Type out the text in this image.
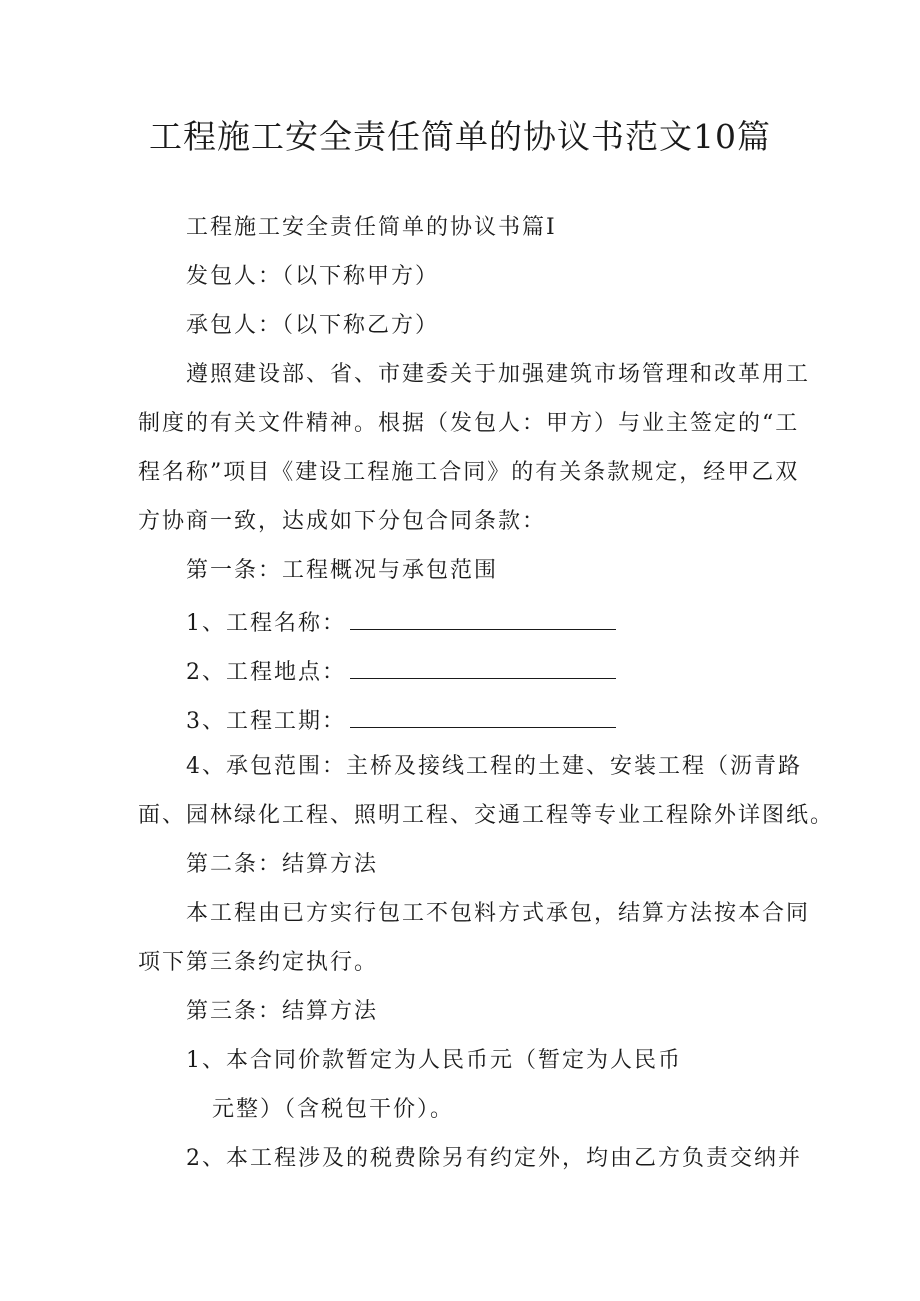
工程施工安全责任简单的协议书范文10篇
工程施工安全责任简单的协议书篇I
发包人：（以下称甲方）
承包人：（以下称乙方）
遵照建设部、省、市建委关于加强建筑市场管理和改革用工
制度的有关文件精神。根据（发包人：甲方）与业主签定的“工
程名称”项目《建设工程施工合同》的有关条款规定，经甲乙双
方协商一致，达成如下分包合同条款：
第一条：工程概况与承包范围
1、工程名称：
2、工程地点：
3、工程工期：
4、承包范围：主桥及接线工程的土建、安装工程（沥青路
面、园林绿化工程、照明工程、交通工程等专业工程除外详图纸。
第二条：结算方法
本工程由已方实行包工不包料方式承包，结算方法按本合同
项下第三条约定执行。
第三条：结算方法
1、本合同价款暂定为人民币元（暂定为人民币
元整）（含税包干价）。
2、本工程涉及的税费除另有约定外，均由乙方负责交纳并
